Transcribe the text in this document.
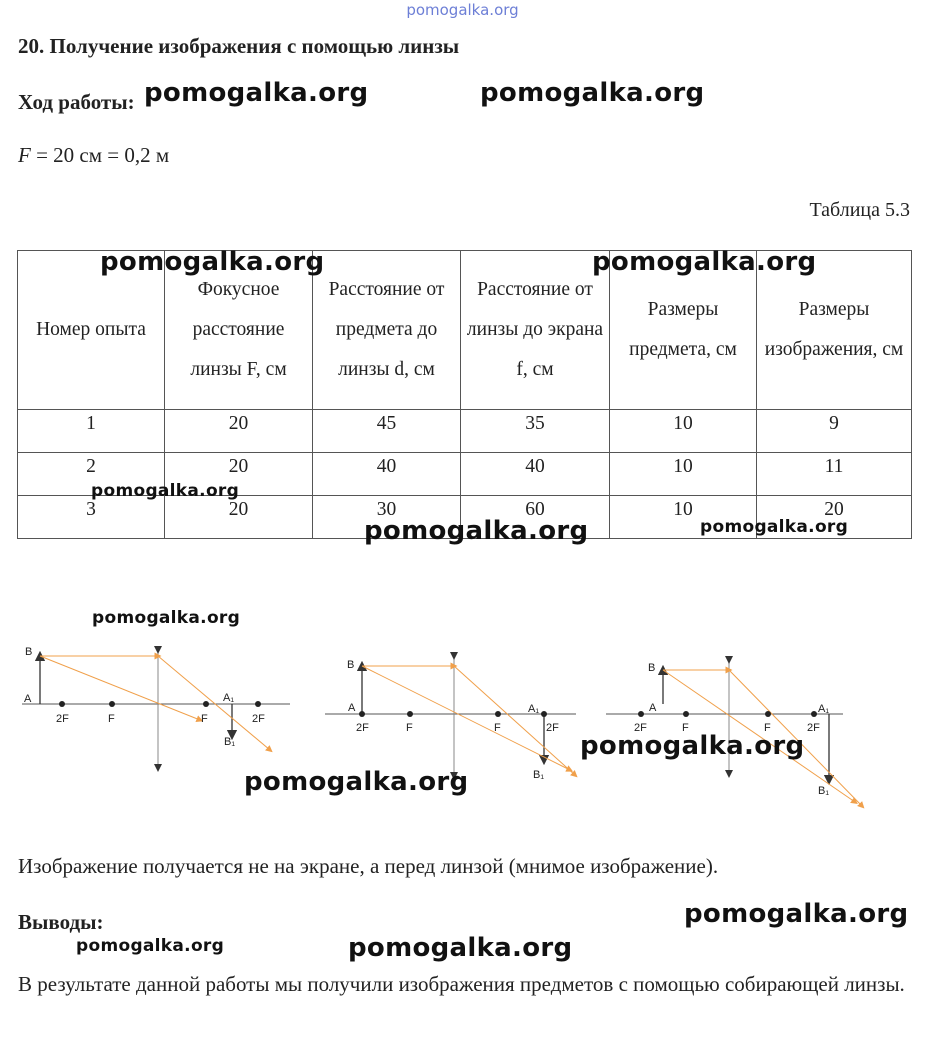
pomogalka.org
20. Получение изображения с помощью линзы
Ход работы:
F = 20 см = 0,2 м
Таблица 5.3
Номер опыта	Фокусное расстояние линзы F, см	Расстояние от предмета до линзы d, см	Расстояние от линзы до экрана f, см	Размеры предмета, см	Размеры изображения, см
1	20	45	35	10	9
2	20	40	40	10	11
3	20	30	60	10	20
B
A
2F	F	F	2F
A₁
B₁
B
A
2F	F	F	2F
A₁
B₁
B
A
2F	F	F	2F
A₁
B₁
Изображение получается не на экране, а перед линзой (мнимое изображение).
Выводы:
В результате данной работы мы получили изображения предметов с помощью собирающей линзы.
pomogalka.org	pomogalka.org
pomogalka.org	pomogalka.org
pomogalka.org
pomogalka.org	pomogalka.org
pomogalka.org
pomogalka.org
pomogalka.org
pomogalka.org
pomogalka.org	pomogalka.org
